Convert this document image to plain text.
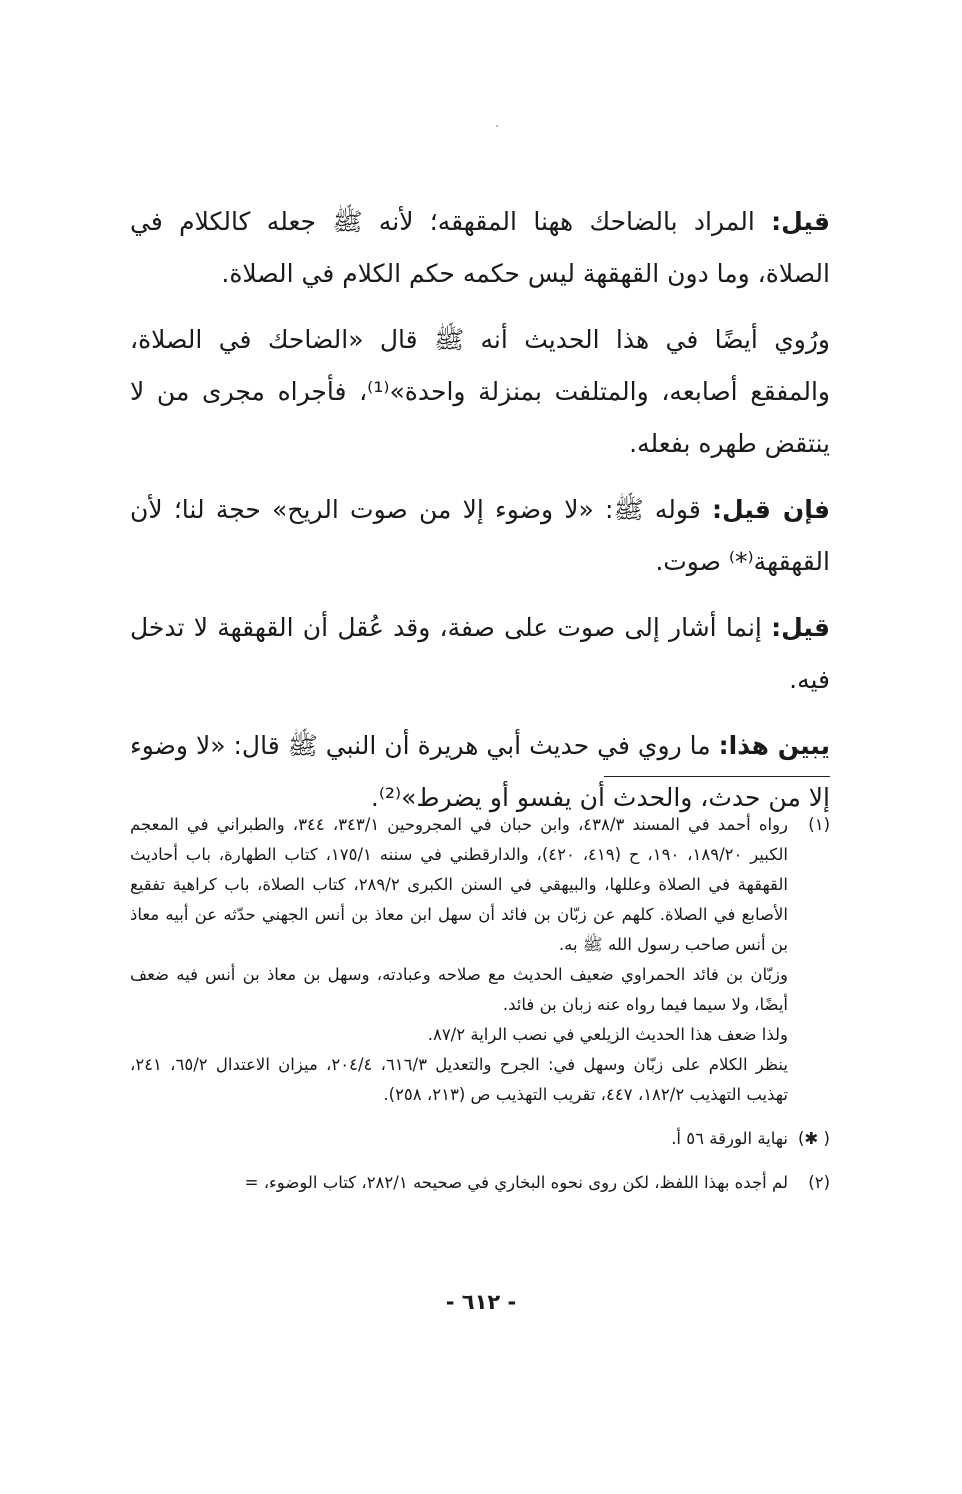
قيل: المراد بالضاحك ههنا المقهقه؛ لأنه ﷺ جعله كالكلام في الصلاة، وما دون القهقهة ليس حكمه حكم الكلام في الصلاة.

ورُوي أيضًا في هذا الحديث أنه ﷺ قال «الضاحك في الصلاة، والمفقع أصابعه، والمتلفت بمنزلة واحدة»⁽¹⁾، فأجراه مجرى من لا ينتقض طهره بفعله.

فإن قيل: قوله ﷺ: «لا وضوء إلا من صوت الريح» حجة لنا؛ لأن القهقهة⁽*⁾ صوت.

قيل: إنما أشار إلى صوت على صفة، وقد عُقل أن القهقهة لا تدخل فيه.

يبين هذا: ما روي في حديث أبي هريرة أن النبي ﷺ قال: «لا وضوء إلا من حدث، والحدث أن يفسو أو يضرط»⁽²⁾.

(١)

رواه أحمد في المسند ٤٣٨/٣، وابن حبان في المجروحين ٣٤٣/١، ٣٤٤، والطبراني في المعجم الكبير ١٨٩/٢٠، ١٩٠، ح (٤١٩، ٤٢٠)، والدارقطني في سننه ١٧٥/١، كتاب الطهارة، باب أحاديث القهقهة في الصلاة وعللها، والبيهقي في السنن الكبرى ٢٨٩/٢، كتاب الصلاة، باب كراهية تفقيع الأصابع في الصلاة. كلهم عن زبّان بن فائد أن سهل ابن معاذ بن أنس الجهني حدّثه عن أبيه معاذ بن أنس صاحب رسول الله ﷺ به.

وزبّان بن فائد الحمراوي ضعيف الحديث مع صلاحه وعبادته، وسهل بن معاذ بن أنس فيه ضعف أيضًا، ولا سيما فيما رواه عنه زبان بن فائد.

ولذا ضعف هذا الحديث الزيلعي في نصب الراية ٨٧/٢.

ينظر الكلام على زبّان وسهل في: الجرح والتعديل ٦١٦/٣، ٢٠٤/٤، ميزان الاعتدال ٦٥/٢، ٢٤١، تهذيب التهذيب ١٨٢/٢، ٤٤٧، تقريب التهذيب ص (٢١٣، ٢٥٨).

( ✱)

نهاية الورقة ٥٦ أ.

(٢)

لم أجده بهذا اللفظ، لكن روى نحوه البخاري في صحيحه ٢٨٢/١، كتاب الوضوء، =

- ٦١٢ -
